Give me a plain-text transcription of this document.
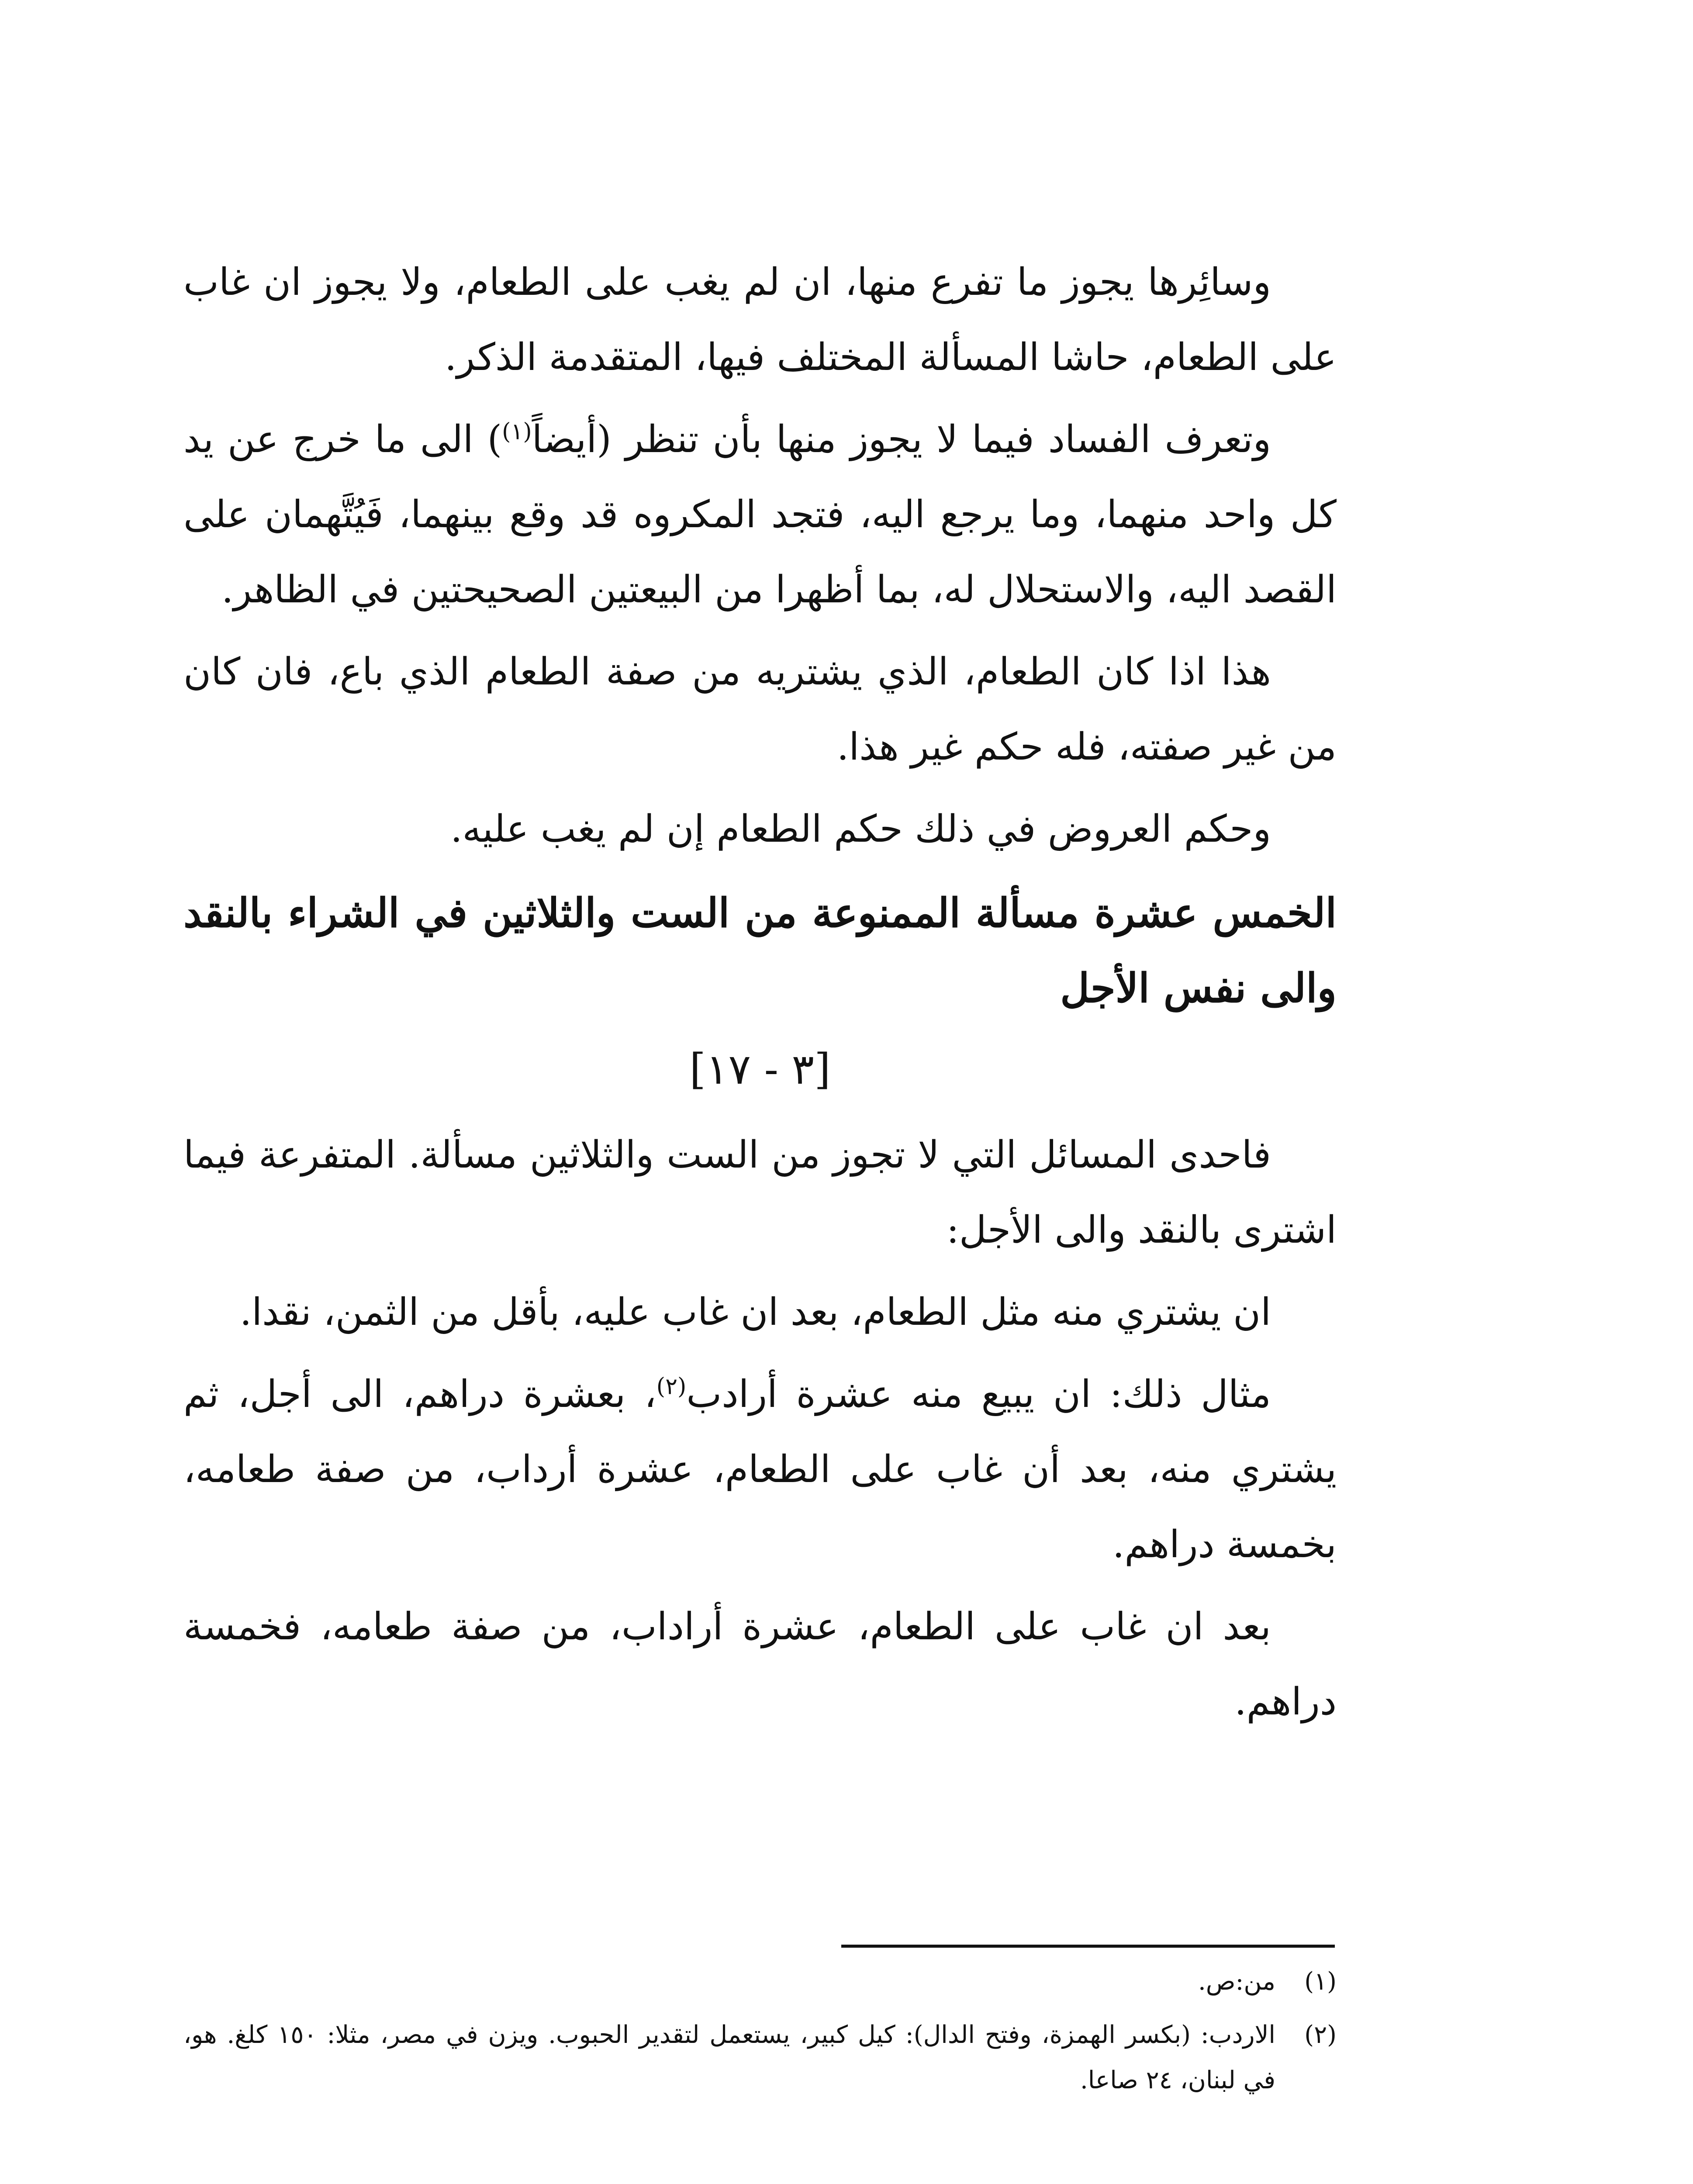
وسائِرها يجوز ما تفرع منها، ان لم يغب على الطعام، ولا يجوز ان غاب على الطعام، حاشا المسألة المختلف فيها، المتقدمة الذكر.

وتعرف الفساد فيما لا يجوز منها بأن تنظر (أيضاً$^{(١)}$) الى ما خرج عن يد كل واحد منهما، وما يرجع اليه، فتجد المكروه قد وقع بينهما، فَيُتَّهمان على القصد اليه، والاستحلال له، بما أظهرا من البيعتين الصحيحتين في الظاهر.

هذا اذا كان الطعام، الذي يشتريه من صفة الطعام الذي باع، فان كان من غير صفته، فله حكم غير هذا.

وحكم العروض في ذلك حكم الطعام إن لم يغب عليه.

الخمس عشرة مسألة الممنوعة من الست والثلاثين في الشراء بالنقد والى نفس الأجل

[٣ - ١٧]

فاحدى المسائل التي لا تجوز من الست والثلاثين مسألة. المتفرعة فيما اشترى بالنقد والى الأجل:

ان يشتري منه مثل الطعام، بعد ان غاب عليه، بأقل من الثمن، نقدا.

مثال ذلك: ان يبيع منه عشرة أرادب$^{(٢)}$، بعشرة دراهم، الى أجل، ثم يشتري منه، بعد أن غاب على الطعام، عشرة أرداب، من صفة طعامه، بخمسة دراهم.

بعد ان غاب على الطعام، عشرة أراداب، من صفة طعامه، فخمسة دراهم.

(١)
من:ص.
(٢)
الاردب: (بكسر الهمزة، وفتح الدال): كيل كبير، يستعمل لتقدير الحبوب. ويزن في مصر، مثلا: ١٥٠ كلغ. هو، في لبنان، ٢٤ صاعا.
